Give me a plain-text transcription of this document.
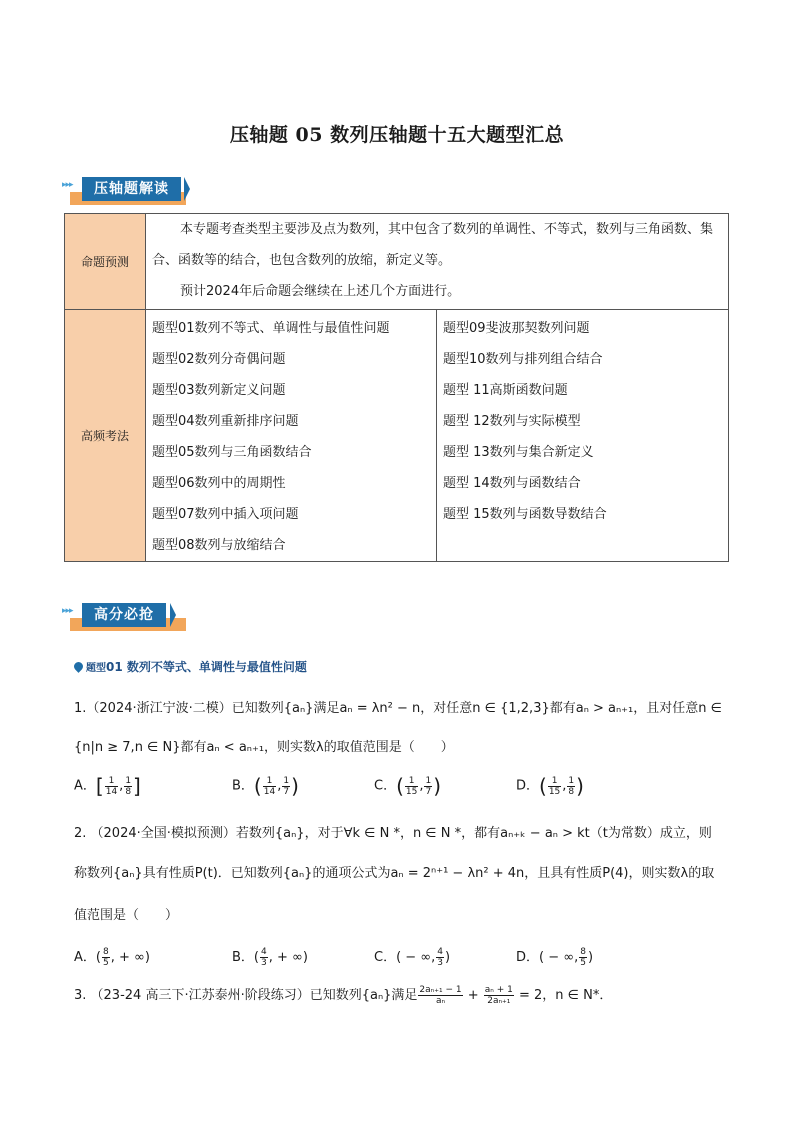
压轴题 05 数列压轴题十五大题型汇总
▸▸▸	压轴题解读
命题预测	
本专题考查类型主要涉及点为数列，其中包含了数列的单调性、不等式，数列与三角函数、集合、函数等的结合，也包含数列的放缩，新定义等。
预计2024年后命题会继续在上述几个方面进行。

高频考法	
题型01数列不等式、单调性与最值性问题
题型02数列分奇偶问题
题型03数列新定义问题
题型04数列重新排序问题
题型05数列与三角函数结合
题型06数列中的周期性
题型07数列中插入项问题
题型08数列与放缩结合

题型09斐波那契数列问题
题型10数列与排列组合结合
题型 11高斯函数问题
题型 12数列与实际模型
题型 13数列与集合新定义
题型 14数列与函数结合
题型 15数列与函数导数结合
▸▸▸	高分必抢
题型01 数列不等式、单调性与最值性问题
1.（2024·浙江宁波·二模）已知数列{aₙ}满足aₙ = λn² − n，对任意n ∈ {1,2,3}都有aₙ > aₙ₊₁，且对任意n ∈
{n|n ≥ 7,n ∈ N}都有aₙ < aₙ₊₁，则实数λ的取值范围是（　　）
A．[ $\frac{1}{14}$ , $\frac{1}{8}$ ]	B．( $\frac{1}{14}$ , $\frac{1}{7}$ )	C．( $\frac{1}{15}$ , $\frac{1}{7}$ )	D．( $\frac{1}{15}$ , $\frac{1}{8}$ )
2. （2024·全国·模拟预测）若数列{aₙ}，对于∀k ∈ N *，n ∈ N *，都有aₙ₊ₖ − aₙ > kt（t为常数）成立，则
称数列{aₙ}具有性质P(t)．已知数列{aₙ}的通项公式为aₙ = 2ⁿ⁺¹ − λn² + 4n，且具有性质P(4)，则实数λ的取
值范围是（　　）
A．( $\frac{8}{5}$ , + ∞)	B．( $\frac{4}{3}$ , + ∞)	C．( − ∞, $\frac{4}{3}$ )	D．( − ∞, $\frac{8}{5}$ )
3. （23-24 高三下·江苏泰州·阶段练习）已知数列{aₙ}满足 $\frac{\text{2aₙ₊₁ − 1}}{\text{aₙ}} + \frac{\text{aₙ + 1}}{\text{2aₙ₊₁}} = 2$，n ∈ N*．
